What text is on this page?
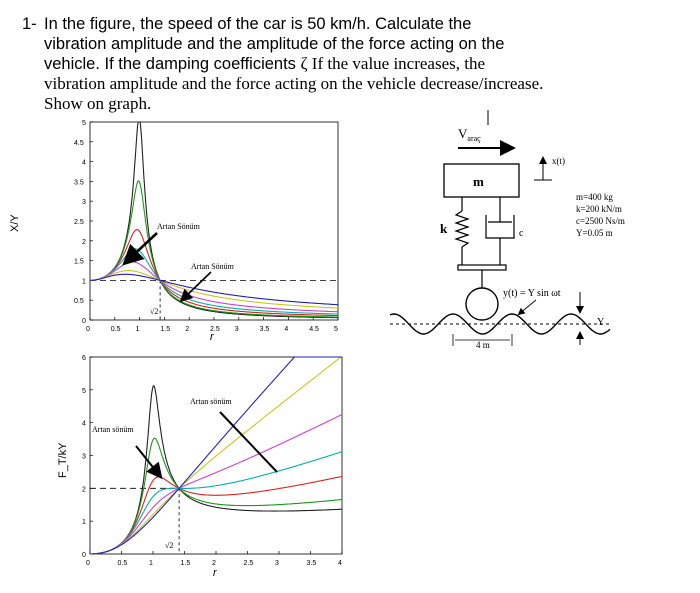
1- In the figure, the speed of the car is 50 km/h. Calculate the
vibration amplitude and the amplitude of the force acting on the
vehicle. If the damping coefficients ζ If the value increases, the
vibration amplitude and the force acting on the vehicle decrease/increase.
Show on graph.
0	0.5 1	1.5 2	2.5 3	3.5 4	4.5 5
0
0.5
1
1.5
2
2.5
3
3.5
4
4.5
5
X/Y
r
Artan Sönüm
Artan Sönüm
√2
0	0.5	1	1.5	2	2.5	3	3.5	4
0
1
2
3
4
5
6
F_T/kY
r
Artan sönüm
Artan sönüm
√2
$V_{araç}$
m
x(t)
m=400 kg
k=200 kN/m
c=2500 Ns/m
Y=0.05 m
k	c
4 m
y(t) = Y sin ωt
Y
